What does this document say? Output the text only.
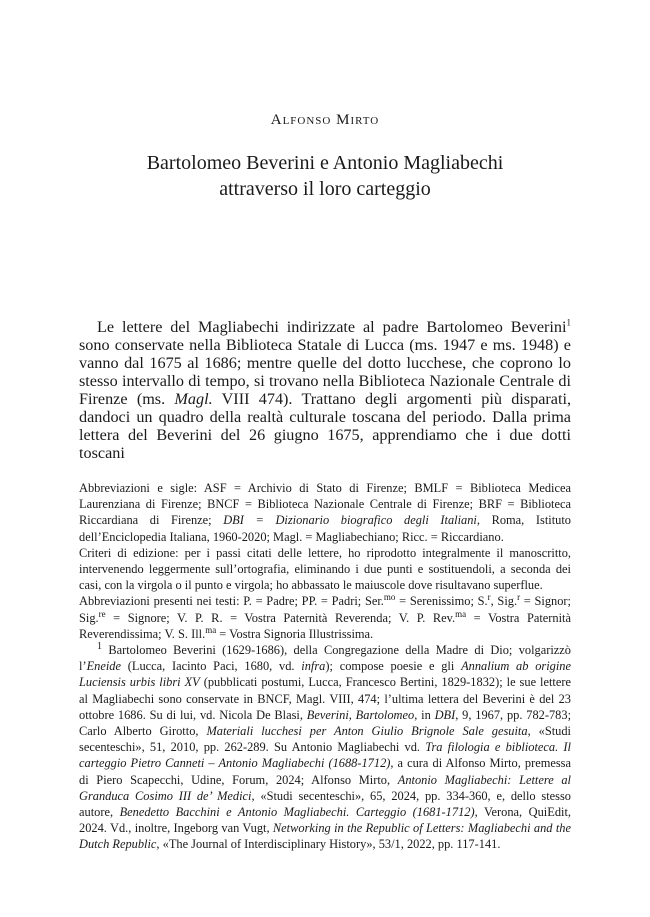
Alfonso Mirto
Bartolomeo Beverini e Antonio Magliabechi
attraverso il loro carteggio
Le lettere del Magliabechi indirizzate al padre Bartolomeo Beverini$^1$ sono conservate nella Biblioteca Statale di Lucca (ms. 1947 e ms. 1948) e vanno dal 1675 al 1686; mentre quelle del dotto lucchese, che coprono lo stesso intervallo di tempo, si trovano nella Biblioteca Nazionale Centrale di Firenze (ms. Magl. VIII 474). Trattano degli argomenti più disparati, dandoci un quadro della realtà culturale toscana del periodo. Dalla prima lettera del Beverini del 26 giugno 1675, apprendiamo che i due dotti toscani

Abbreviazioni e sigle: ASF = Archivio di Stato di Firenze; BMLF = Biblioteca Medicea Laurenziana di Firenze; BNCF = Biblioteca Nazionale Centrale di Firenze; BRF = Biblioteca Riccardiana di Firenze; DBI = Dizionario biografico degli Italiani, Roma, Istituto dell’Enciclopedia Italiana, 1960-2020; Magl. = Magliabechiano; Ricc. = Riccardiano.

Criteri di edizione: per i passi citati delle lettere, ho riprodotto integralmente il manoscritto, intervenendo leggermente sull’ortografia, eliminando i due punti e sostituendoli, a seconda dei casi, con la virgola o il punto e virgola; ho abbassato le maiuscole dove risultavano superflue.

Abbreviazioni presenti nei testi: P. = Padre; PP. = Padri; Ser.$^{mo}$ = Serenissimo; S.$^r$, Sig.$^r$ = Signor; Sig.$^{re}$ = Signore; V. P. R. = Vostra Paternità Reverenda; V. P. Rev.$^{ma}$ = Vostra Paternità Reverendissima; V. S. Ill.$^{ma}$ = Vostra Signoria Illustrissima.

$^1$ Bartolomeo Beverini (1629-1686), della Congregazione della Madre di Dio; volgarizzò l’Eneide (Lucca, Iacinto Paci, 1680, vd. infra); compose poesie e gli Annalium ab origine Luciensis urbis libri XV (pubblicati postumi, Lucca, Francesco Bertini, 1829-1832); le sue lettere al Magliabechi sono conservate in BNCF, Magl. VIII, 474; l’ultima lettera del Beverini è del 23 ottobre 1686. Su di lui, vd. Nicola De Blasi, Beverini, Bartolomeo, in DBI, 9, 1967, pp. 782-783; Carlo Alberto Girotto, Materiali lucchesi per Anton Giulio Brignole Sale gesuita, «Studi secenteschi», 51, 2010, pp. 262-289. Su Antonio Magliabechi vd. Tra filologia e biblioteca. Il carteggio Pietro Canneti – Antonio Magliabechi (1688-1712), a cura di Alfonso Mirto, premessa di Piero Scapecchi, Udine, Forum, 2024; Alfonso Mirto, Antonio Magliabechi: Lettere al Granduca Cosimo III de’ Medici, «Studi secenteschi», 65, 2024, pp. 334-360, e, dello stesso autore, Benedetto Bacchini e Antonio Magliabechi. Carteggio (1681-1712), Verona, QuiEdit, 2024. Vd., inoltre, Ingeborg van Vugt, Networking in the Republic of Letters: Magliabechi and the Dutch Republic, «The Journal of Interdisciplinary History», 53/1, 2022, pp. 117-141.
